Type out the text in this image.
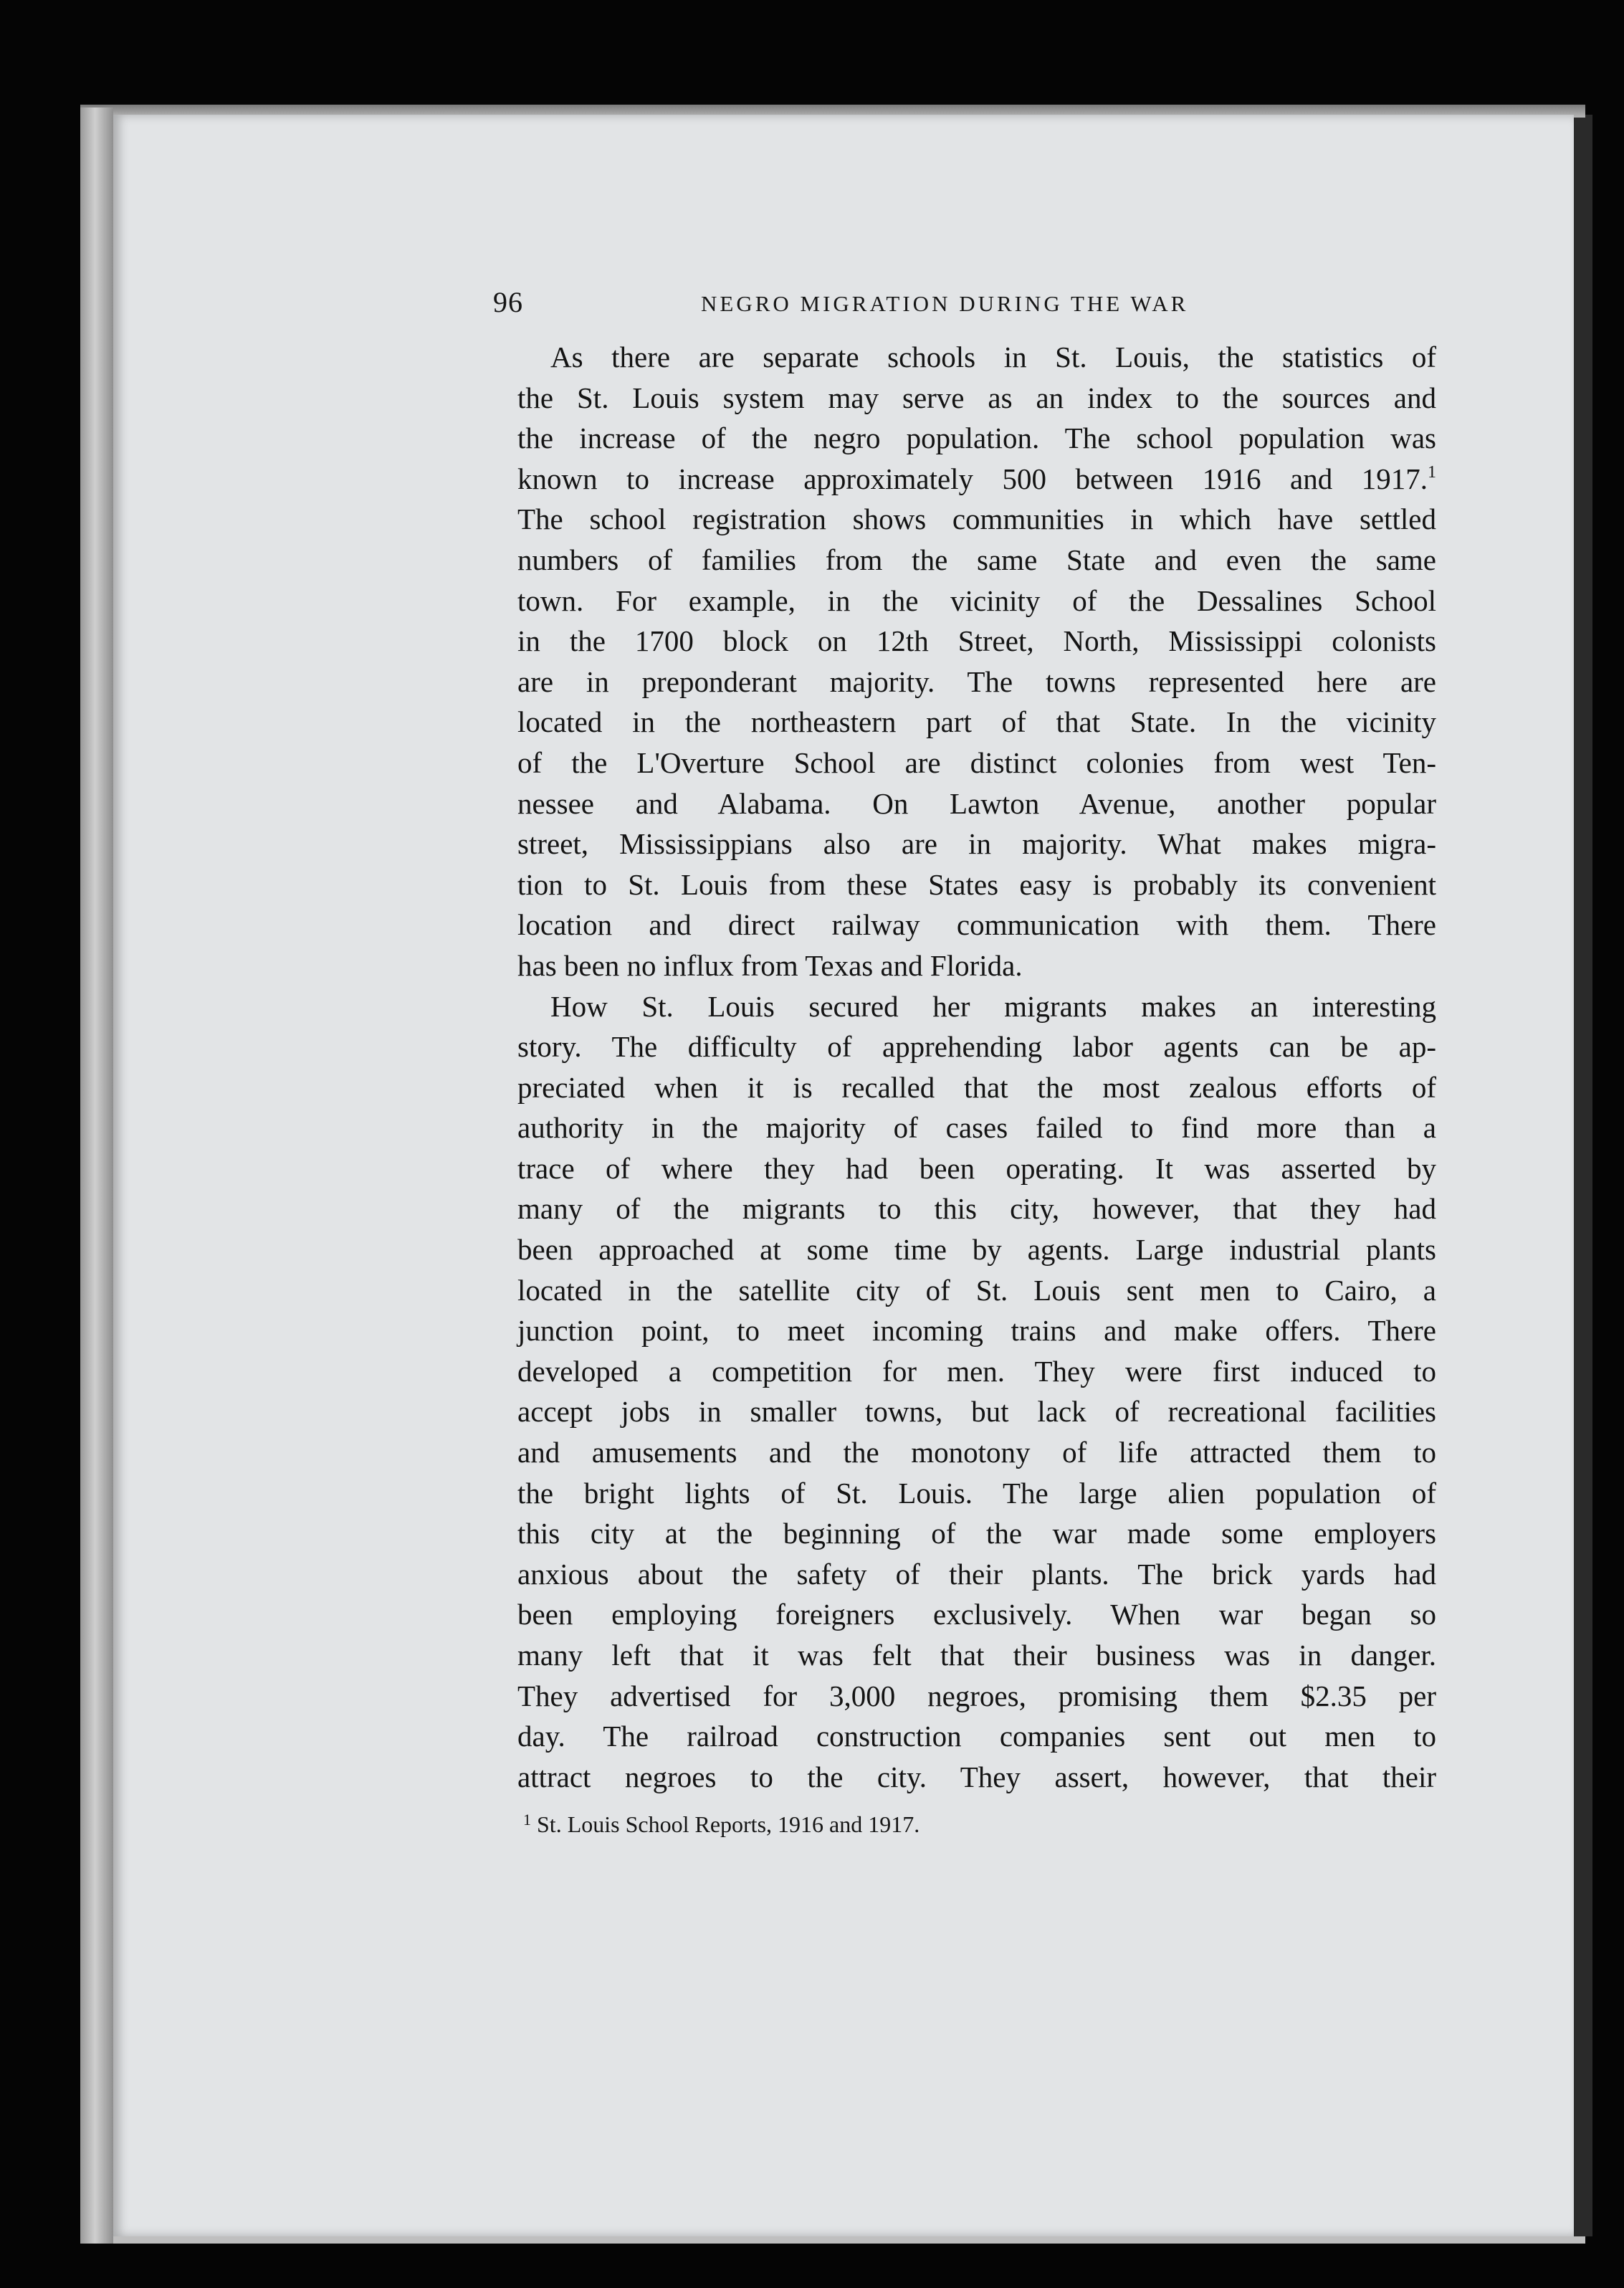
96	NEGRO MIGRATION DURING THE WAR
As there are separate schools in St. Louis, the statistics of
the St. Louis system may serve as an index to the sources and
the increase of the negro population. The school population was
known to increase approximately 500 between 1916 and 1917.$^1$
The school registration shows communities in which have settled
numbers of families from the same State and even the same
town. For example, in the vicinity of the Dessalines School
in the 1700 block on 12th Street, North, Mississippi colonists
are in preponderant majority. The towns represented here are
located in the northeastern part of that State. In the vicinity
of the L'Overture School are distinct colonies from west Ten-
nessee and Alabama. On Lawton Avenue, another popular
street, Mississippians also are in majority. What makes migra-
tion to St. Louis from these States easy is probably its convenient
location and direct railway communication with them. There
has been no influx from Texas and Florida.
How St. Louis secured her migrants makes an interesting
story. The difficulty of apprehending labor agents can be ap-
preciated when it is recalled that the most zealous efforts of
authority in the majority of cases failed to find more than a
trace of where they had been operating. It was asserted by
many of the migrants to this city, however, that they had
been approached at some time by agents. Large industrial plants
located in the satellite city of St. Louis sent men to Cairo, a
junction point, to meet incoming trains and make offers. There
developed a competition for men. They were first induced to
accept jobs in smaller towns, but lack of recreational facilities
and amusements and the monotony of life attracted them to
the bright lights of St. Louis. The large alien population of
this city at the beginning of the war made some employers
anxious about the safety of their plants. The brick yards had
been employing foreigners exclusively. When war began so
many left that it was felt that their business was in danger.
They advertised for 3,000 negroes, promising them $2.35 per
day. The railroad construction companies sent out men to
attract negroes to the city. They assert, however, that their
$^1$ St. Louis School Reports, 1916 and 1917.
